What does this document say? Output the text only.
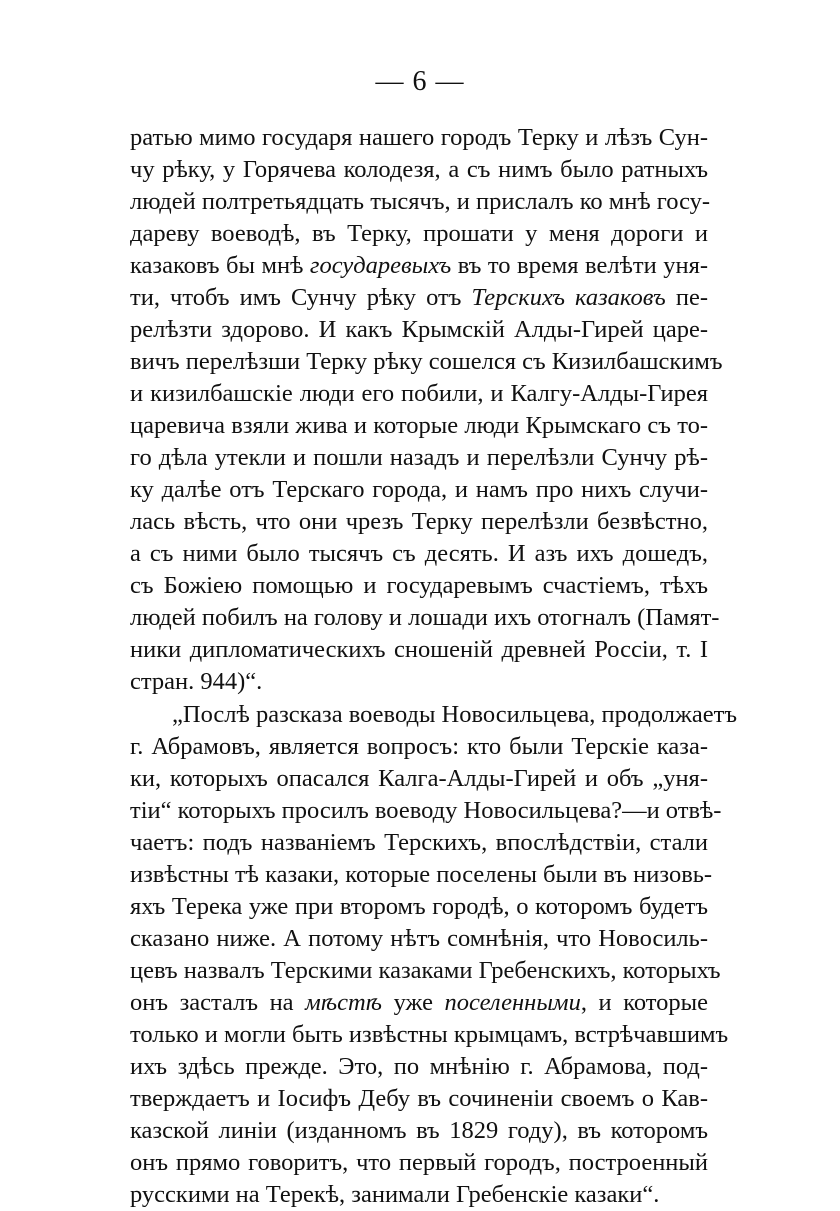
— 6 —
ратью мимо государя нашего городъ Терку и лѣзъ Сун-
чу рѣку, у Горячева колодезя, а съ нимъ было ратныхъ
людей полтретьядцать тысячъ, и прислалъ ко мнѣ госу-
дареву воеводѣ, въ Терку, прошати у меня дороги и
казаковъ бы мнѣ государевыхъ въ то время велѣти уня-
ти, чтобъ имъ Сунчу рѣку отъ Терскихъ казаковъ пе-
релѣзти здорово. И какъ Крымскій Алды-Гирей царе-
вичъ перелѣзши Терку рѣку сошелся съ Кизилбашскимъ
и кизилбашскіе люди его побили, и Калгу-Алды-Гирея
царевича взяли жива и которые люди Крымскаго съ то-
го дѣла утекли и пошли назадъ и перелѣзли Сунчу рѣ-
ку далѣе отъ Терскаго города, и намъ про нихъ случи-
лась вѣсть, что они чрезъ Терку перелѣзли безвѣстно,
а съ ними было тысячъ съ десять. И азъ ихъ дошедъ,
съ Божіею помощью и государевымъ счастіемъ, тѣхъ
людей побилъ на голову и лошади ихъ отогналъ (Памят-
ники дипломатическихъ сношеній древней Россіи, т. I
стран. 944)“.
„Послѣ разсказа воеводы Новосильцева, продолжаетъ
г. Абрамовъ, является вопросъ: кто были Терскіе каза-
ки, которыхъ опасался Калга-Алды-Гирей и объ „уня-
тіи“ которыхъ просилъ воеводу Новосильцева?—и отвѣ-
чаетъ: подъ названіемъ Терскихъ, впослѣдствіи, стали
извѣстны тѣ казаки, которые поселены были въ низовь-
яхъ Терека уже при второмъ городѣ, о которомъ будетъ
сказано ниже. А потому нѣтъ сомнѣнія, что Новосиль-
цевъ назвалъ Терскими казаками Гребенскихъ, которыхъ
онъ засталъ на мѣстѣ уже поселенными, и которые
только и могли быть извѣстны крымцамъ, встрѣчавшимъ
ихъ здѣсь прежде. Это, по мнѣнію г. Абрамова, под-
тверждаетъ и Іосифъ Дебу въ сочиненіи своемъ о Кав-
казской линіи (изданномъ въ 1829 году), въ которомъ
онъ прямо говоритъ, что первый городъ, построенный
русскими на Терекѣ, занимали Гребенскіе казаки“.
